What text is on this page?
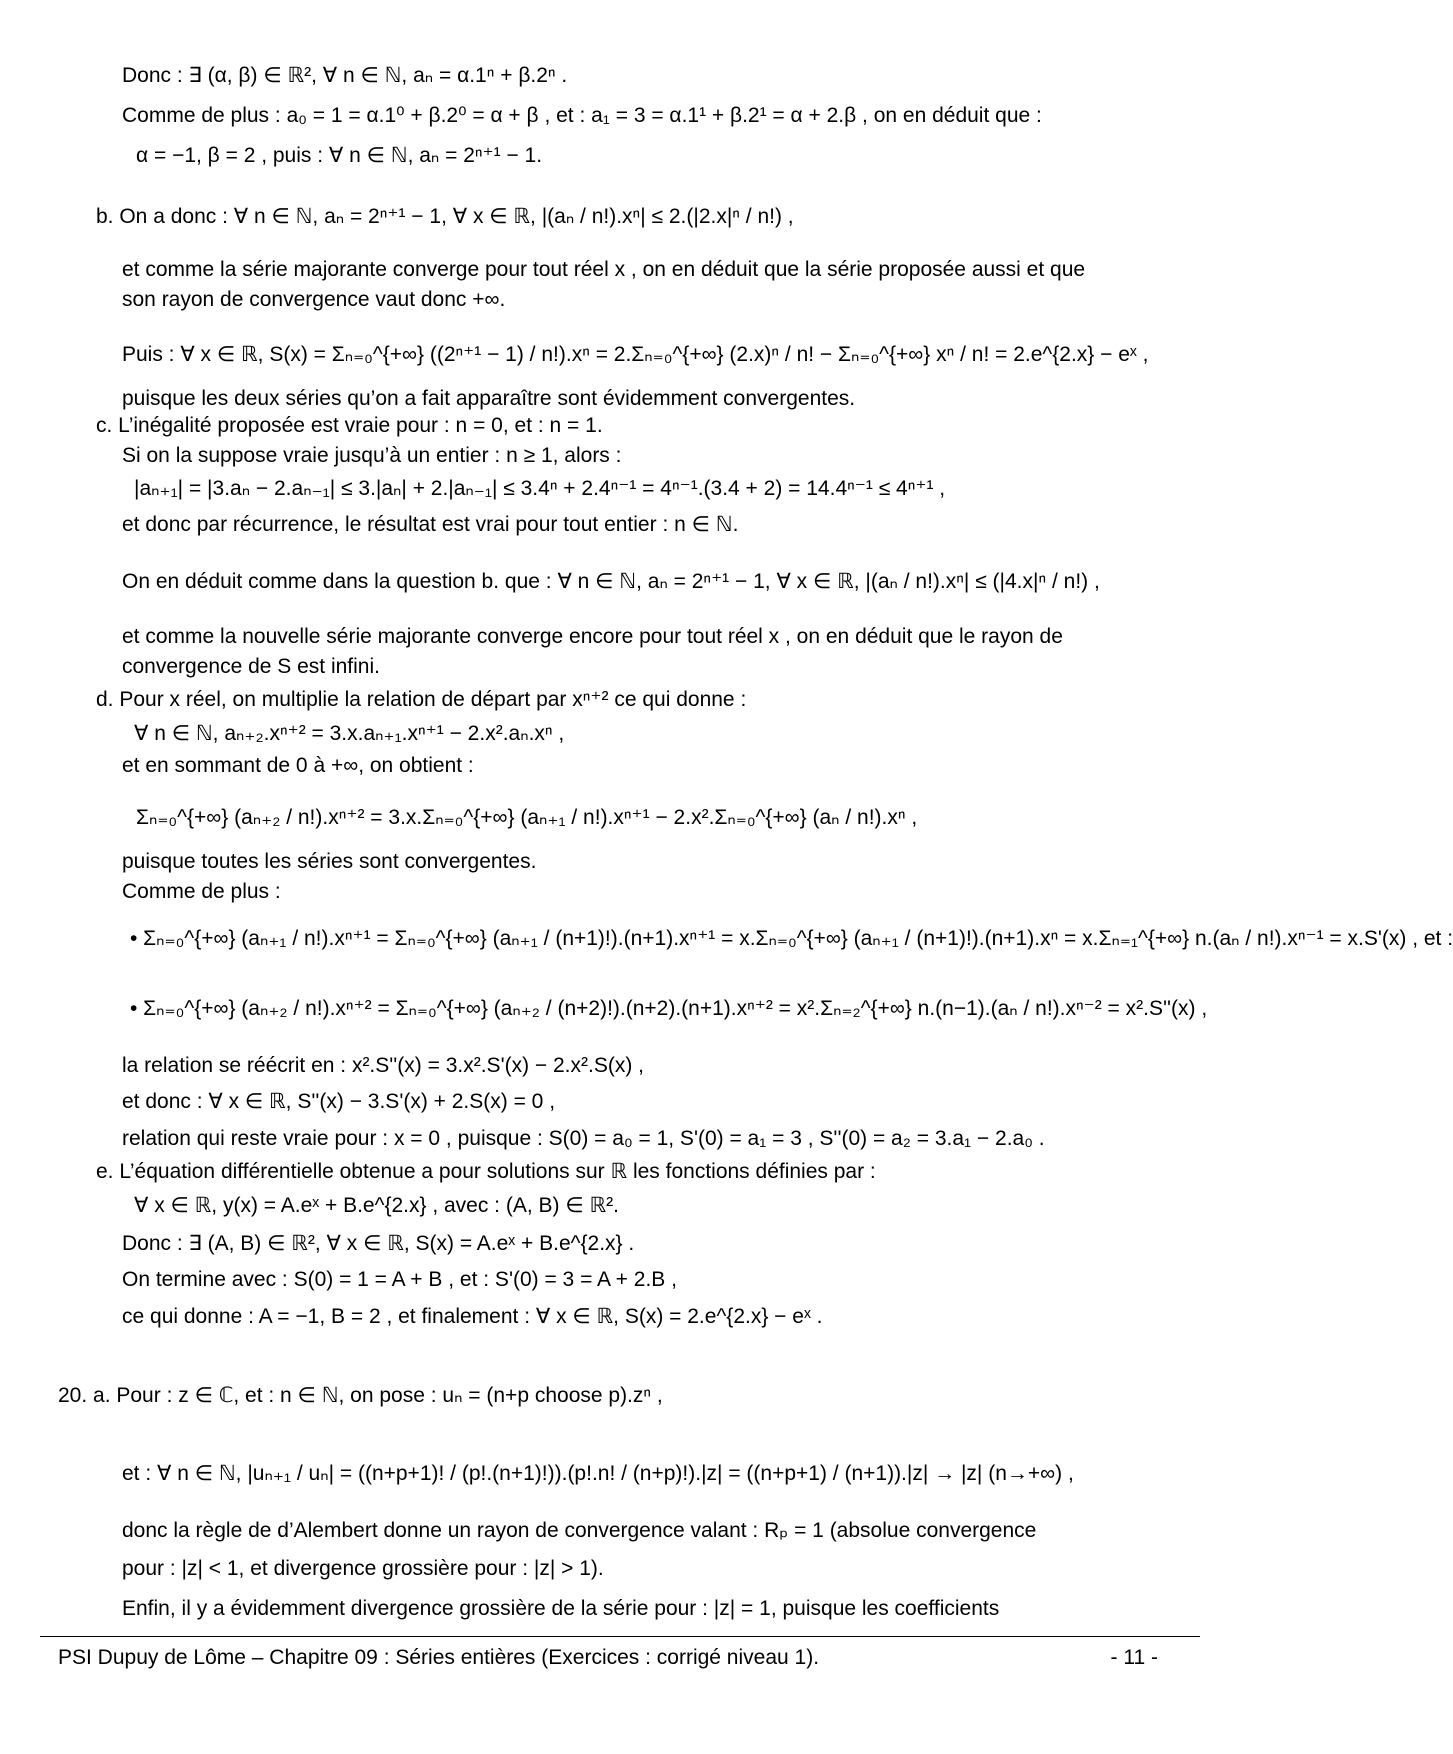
Donc : ∃ (α, β) ∈ ℝ², ∀ n ∈ ℕ, aₙ = α.1ⁿ + β.2ⁿ .
Comme de plus : a₀ = 1 = α.1⁰ + β.2⁰ = α + β , et : a₁ = 3 = α.1¹ + β.2¹ = α + 2.β , on en déduit que :
α = −1, β = 2 , puis : ∀ n ∈ ℕ, aₙ = 2ⁿ⁺¹ − 1.
b. On a donc : ∀ n ∈ ℕ, aₙ = 2ⁿ⁺¹ − 1, ∀ x ∈ ℝ, |(aₙ / n!).xⁿ| ≤ 2.(|2.x|ⁿ / n!) ,
et comme la série majorante converge pour tout réel x , on en déduit que la série proposée aussi et que
son rayon de convergence vaut donc +∞.
Puis : ∀ x ∈ ℝ, S(x) = Σₙ₌₀^{+∞} ((2ⁿ⁺¹ − 1) / n!).xⁿ = 2.Σₙ₌₀^{+∞} (2.x)ⁿ / n! − Σₙ₌₀^{+∞} xⁿ / n! = 2.e^{2.x} − eˣ ,
puisque les deux séries qu’on a fait apparaître sont évidemment convergentes.
c. L’inégalité proposée est vraie pour : n = 0, et : n = 1.
Si on la suppose vraie jusqu’à un entier : n ≥ 1, alors :
|aₙ₊₁| = |3.aₙ − 2.aₙ₋₁| ≤ 3.|aₙ| + 2.|aₙ₋₁| ≤ 3.4ⁿ + 2.4ⁿ⁻¹ = 4ⁿ⁻¹.(3.4 + 2) = 14.4ⁿ⁻¹ ≤ 4ⁿ⁺¹ ,
et donc par récurrence, le résultat est vrai pour tout entier : n ∈ ℕ.
On en déduit comme dans la question b. que : ∀ n ∈ ℕ, aₙ = 2ⁿ⁺¹ − 1, ∀ x ∈ ℝ, |(aₙ / n!).xⁿ| ≤ (|4.x|ⁿ / n!) ,
et comme la nouvelle série majorante converge encore pour tout réel x , on en déduit que le rayon de
convergence de S est infini.
d. Pour x réel, on multiplie la relation de départ par xⁿ⁺² ce qui donne :
∀ n ∈ ℕ, aₙ₊₂.xⁿ⁺² = 3.x.aₙ₊₁.xⁿ⁺¹ − 2.x².aₙ.xⁿ ,
et en sommant de 0 à +∞, on obtient :
Σₙ₌₀^{+∞} (aₙ₊₂ / n!).xⁿ⁺² = 3.x.Σₙ₌₀^{+∞} (aₙ₊₁ / n!).xⁿ⁺¹ − 2.x².Σₙ₌₀^{+∞} (aₙ / n!).xⁿ ,
puisque toutes les séries sont convergentes.
Comme de plus :
• Σₙ₌₀^{+∞} (aₙ₊₁ / n!).xⁿ⁺¹ = Σₙ₌₀^{+∞} (aₙ₊₁ / (n+1)!).(n+1).xⁿ⁺¹ = x.Σₙ₌₀^{+∞} (aₙ₊₁ / (n+1)!).(n+1).xⁿ = x.Σₙ₌₁^{+∞} n.(aₙ / n!).xⁿ⁻¹ = x.S'(x) , et :
• Σₙ₌₀^{+∞} (aₙ₊₂ / n!).xⁿ⁺² = Σₙ₌₀^{+∞} (aₙ₊₂ / (n+2)!).(n+2).(n+1).xⁿ⁺² = x².Σₙ₌₂^{+∞} n.(n−1).(aₙ / n!).xⁿ⁻² = x².S''(x) ,
la relation se réécrit en : x².S''(x) = 3.x².S'(x) − 2.x².S(x) ,
et donc : ∀ x ∈ ℝ, S''(x) − 3.S'(x) + 2.S(x) = 0 ,
relation qui reste vraie pour : x = 0 , puisque : S(0) = a₀ = 1, S'(0) = a₁ = 3 , S''(0) = a₂ = 3.a₁ − 2.a₀ .
e. L’équation différentielle obtenue a pour solutions sur ℝ les fonctions définies par :
∀ x ∈ ℝ, y(x) = A.eˣ + B.e^{2.x} , avec : (A, B) ∈ ℝ².
Donc : ∃ (A, B) ∈ ℝ², ∀ x ∈ ℝ, S(x) = A.eˣ + B.e^{2.x} .
On termine avec : S(0) = 1 = A + B , et : S'(0) = 3 = A + 2.B ,
ce qui donne : A = −1, B = 2 , et finalement : ∀ x ∈ ℝ, S(x) = 2.e^{2.x} − eˣ .
20. a. Pour : z ∈ ℂ, et : n ∈ ℕ, on pose : uₙ = (n+p choose p).zⁿ ,
et : ∀ n ∈ ℕ, |uₙ₊₁ / uₙ| = ((n+p+1)! / (p!.(n+1)!)).(p!.n! / (n+p)!).|z| = ((n+p+1) / (n+1)).|z| → |z| (n→+∞) ,
donc la règle de d’Alembert donne un rayon de convergence valant : Rₚ = 1 (absolue convergence
pour : |z| < 1, et divergence grossière pour : |z| > 1).
Enfin, il y a évidemment divergence grossière de la série pour : |z| = 1, puisque les coefficients
PSI Dupuy de Lôme – Chapitre 09 : Séries entières (Exercices : corrigé niveau 1).	- 11 -
